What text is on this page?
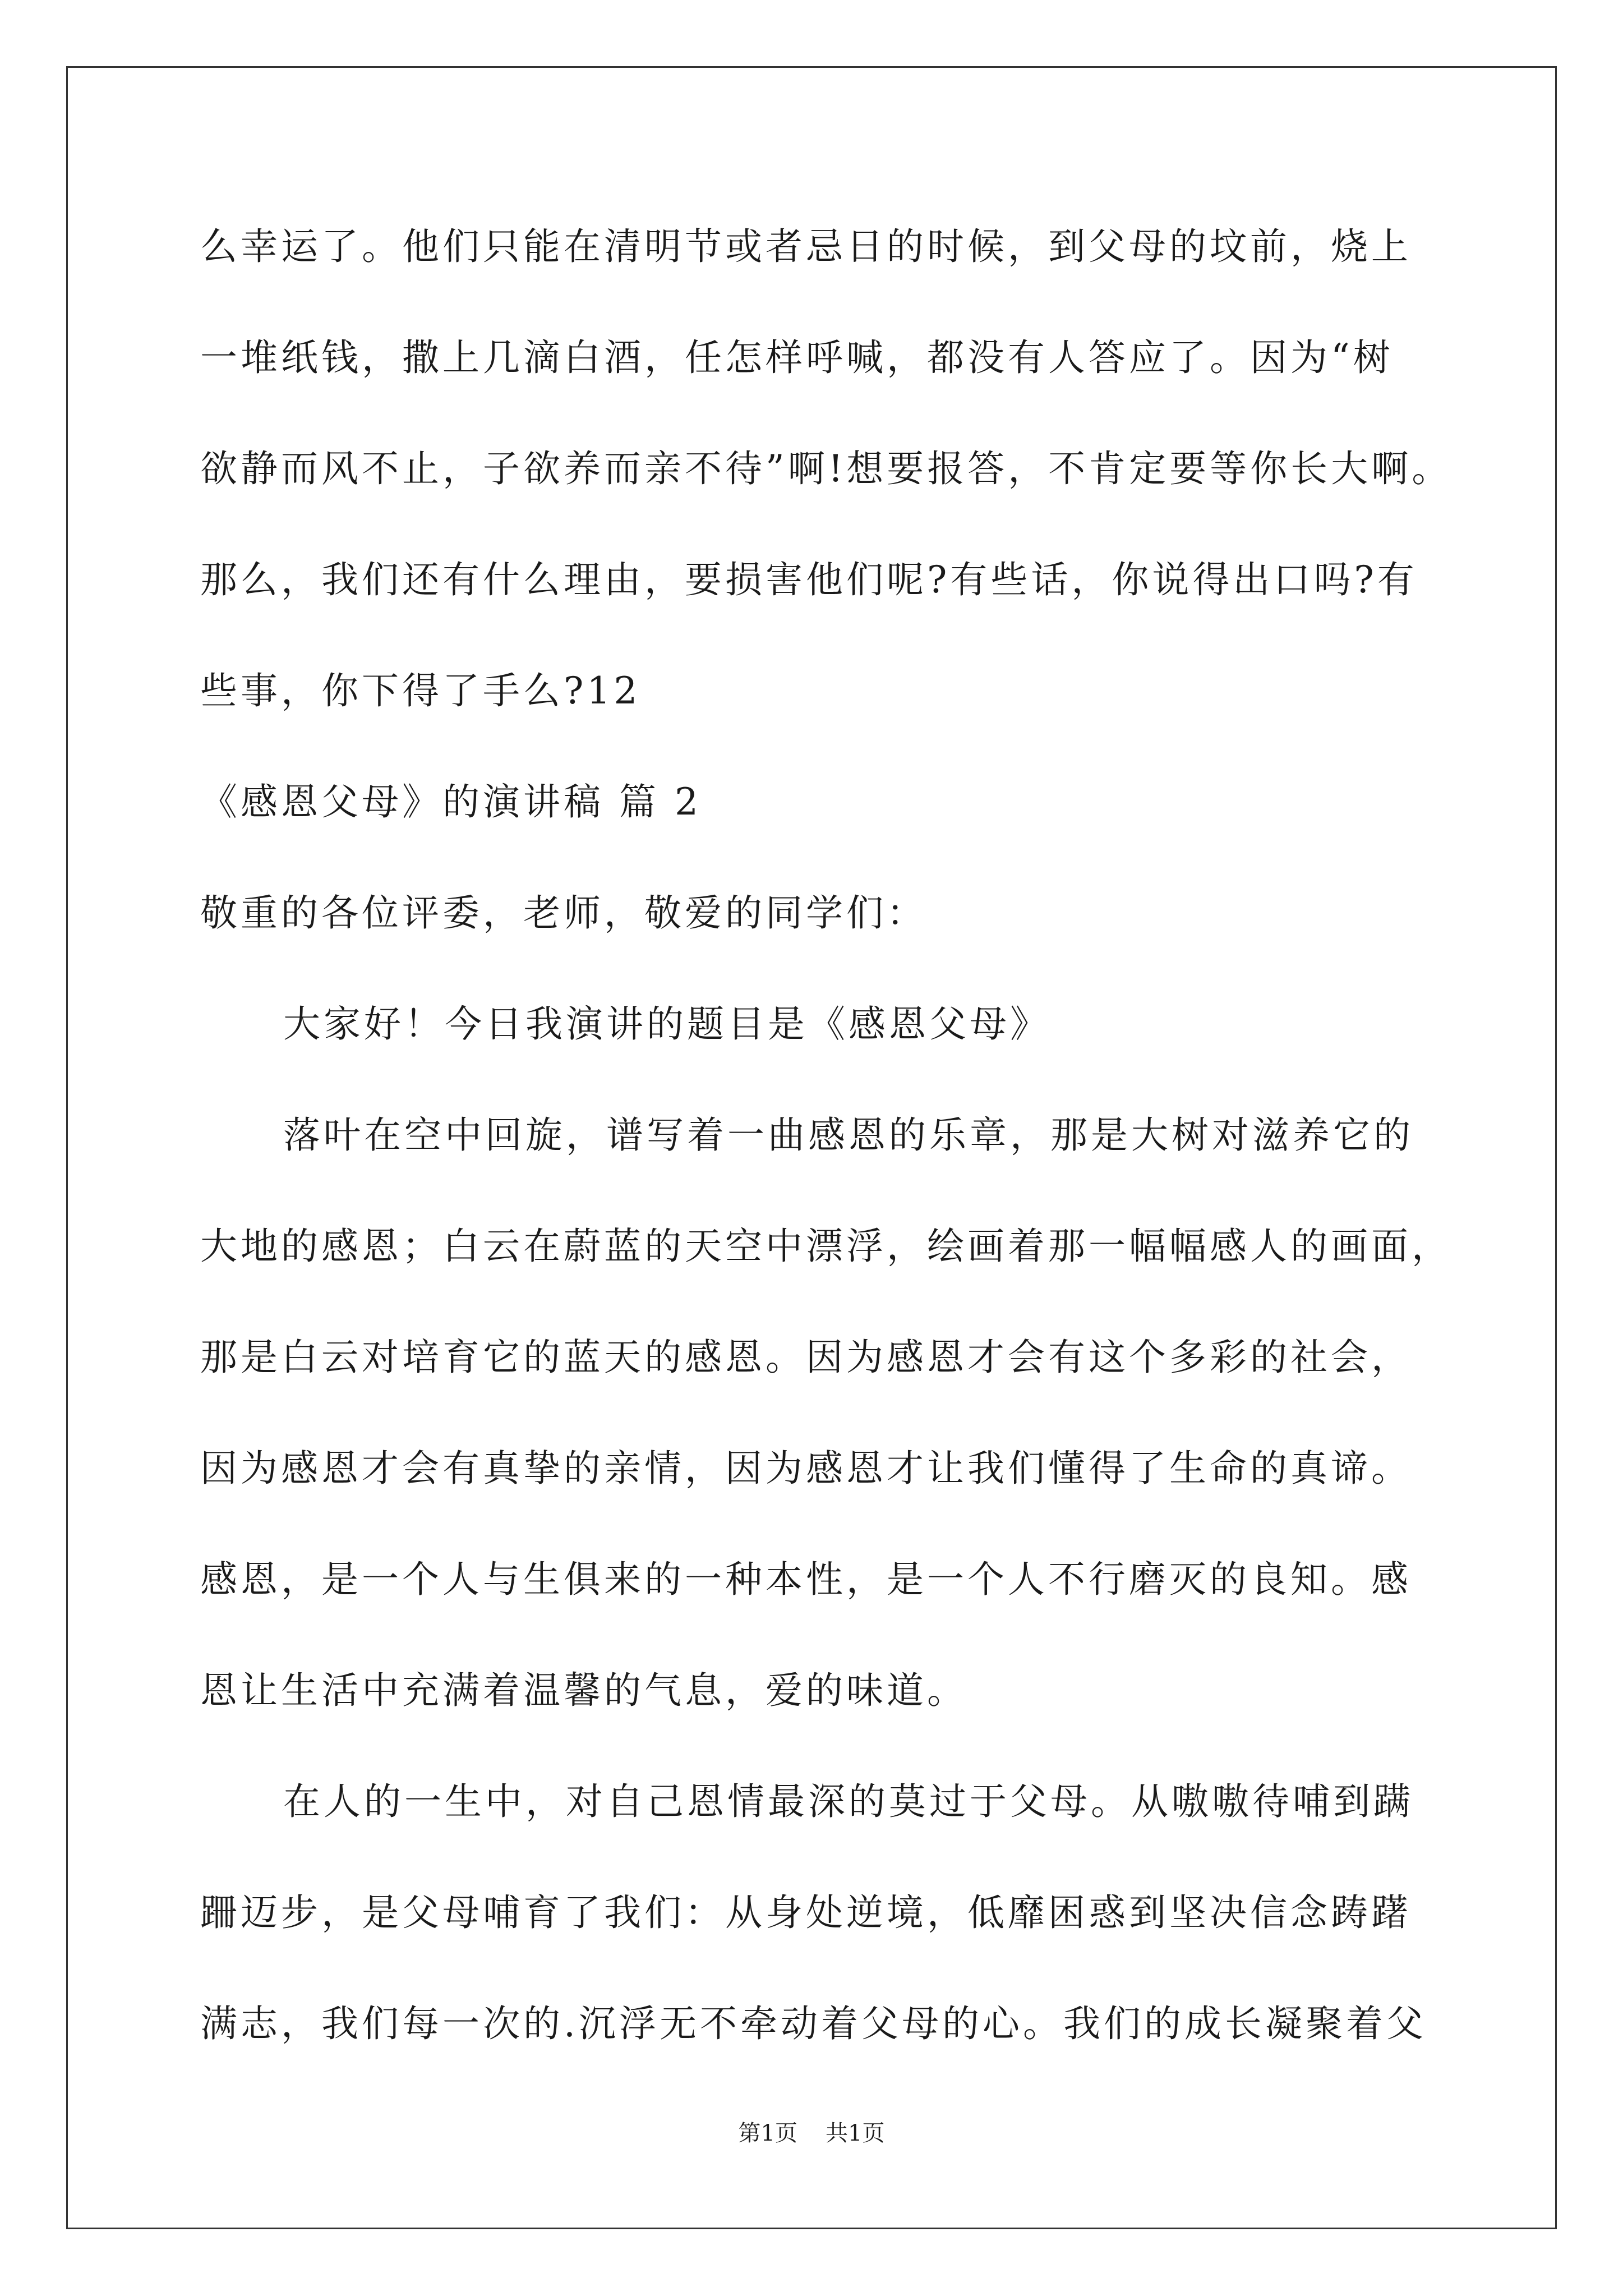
么幸运了。他们只能在清明节或者忌日的时候，到父母的坟前，烧上
一堆纸钱，撒上几滴白酒，任怎样呼喊，都没有人答应了。因为“树
欲静而风不止，子欲养而亲不待”啊!想要报答，不肯定要等你长大啊。
那么，我们还有什么理由，要损害他们呢?有些话，你说得出口吗?有
些事，你下得了手么?12
《感恩父母》的演讲稿 篇 2
敬重的各位评委，老师，敬爱的同学们：
大家好！今日我演讲的题目是《感恩父母》
落叶在空中回旋，谱写着一曲感恩的乐章，那是大树对滋养它的
大地的感恩；白云在蔚蓝的天空中漂浮，绘画着那一幅幅感人的画面，
那是白云对培育它的蓝天的感恩。因为感恩才会有这个多彩的社会，
因为感恩才会有真挚的亲情，因为感恩才让我们懂得了生命的真谛。
感恩，是一个人与生俱来的一种本性，是一个人不行磨灭的良知。感
恩让生活中充满着温馨的气息，爱的味道。
在人的一生中，对自己恩情最深的莫过于父母。从嗷嗷待哺到蹒
跚迈步，是父母哺育了我们：从身处逆境，低靡困惑到坚决信念踌躇
满志，我们每一次的.沉浮无不牵动着父母的心。我们的成长凝聚着父
第1页 共1页
